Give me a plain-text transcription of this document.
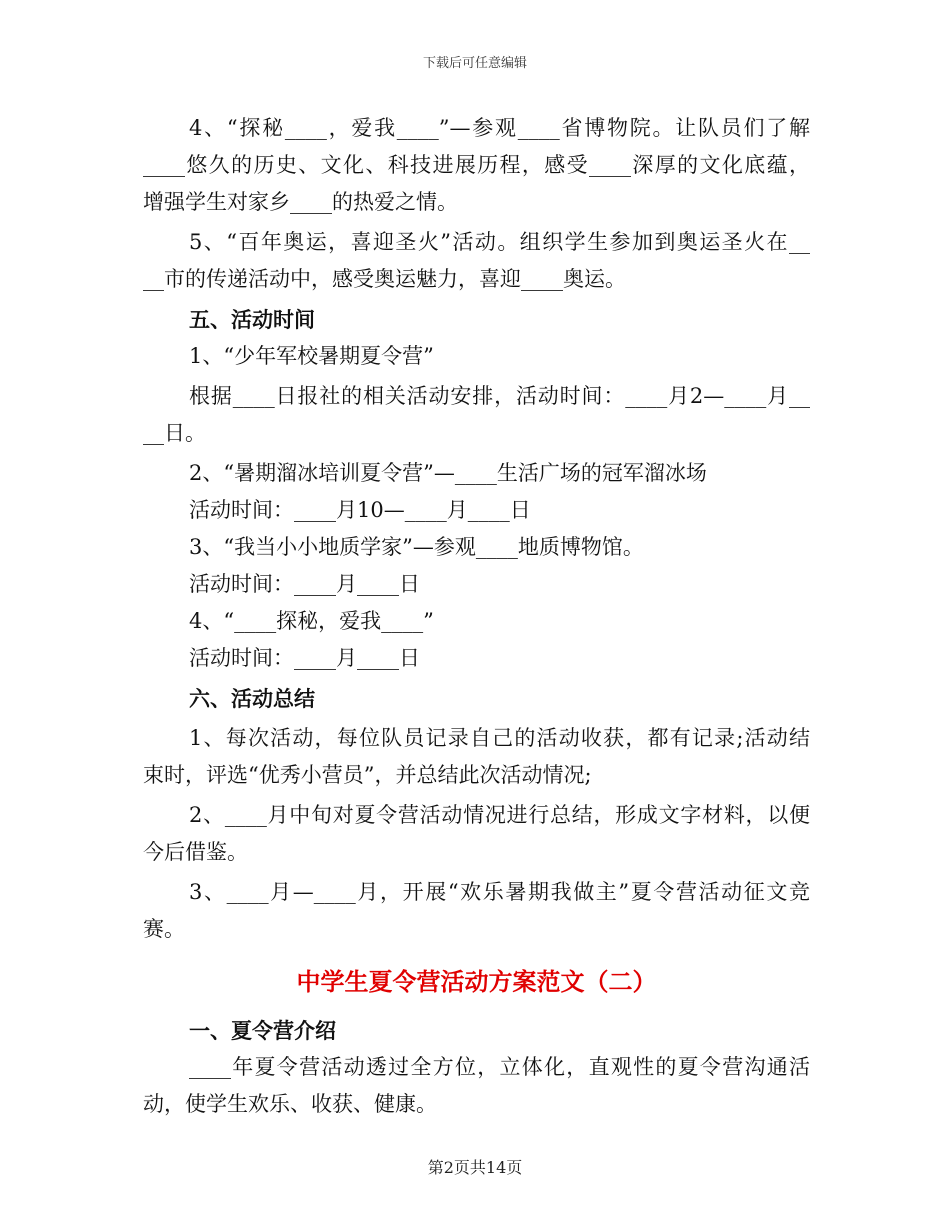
下载后可任意编辑
4、“探秘____，爱我____”—参观____省博物院。让队员们了解
____悠久的历史、文化、科技进展历程，感受____深厚的文化底蕴，
增强学生对家乡____的热爱之情。
5、“百年奥运，喜迎圣火”活动。组织学生参加到奥运圣火在__
__市的传递活动中，感受奥运魅力，喜迎____奥运。
五、活动时间
1、“少年军校暑期夏令营”
根据____日报社的相关活动安排，活动时间：____月2—____月__
__日。
2、“暑期溜冰培训夏令营”—____生活广场的冠军溜冰场
活动时间：____月10—____月____日
3、“我当小小地质学家”—参观____地质博物馆。
活动时间：____月____日
4、“____探秘，爱我____”
活动时间：____月____日
六、活动总结
1、每次活动，每位队员记录自己的活动收获，都有记录;活动结
束时，评选“优秀小营员”，并总结此次活动情况;
2、____月中旬对夏令营活动情况进行总结，形成文字材料，以便
今后借鉴。
3、____月—____月，开展“欢乐暑期我做主”夏令营活动征文竞
赛。
中学生夏令营活动方案范文（二）
一、夏令营介绍
____年夏令营活动透过全方位，立体化，直观性的夏令营沟通活
动，使学生欢乐、收获、健康。
第2页共14页
